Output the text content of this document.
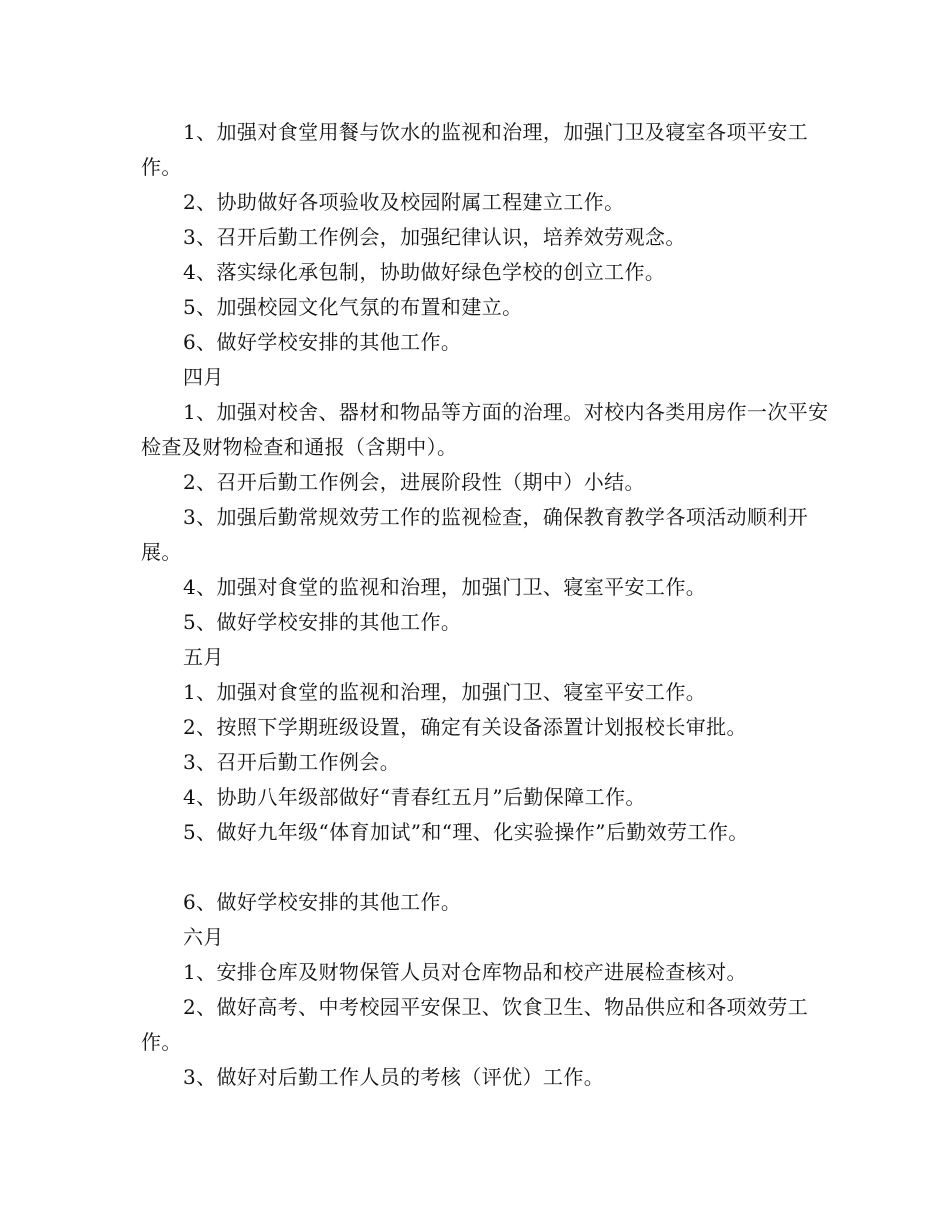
1、加强对食堂用餐与饮水的监视和治理，加强门卫及寝室各项平安工作。

2、协助做好各项验收及校园附属工程建立工作。

3、召开后勤工作例会，加强纪律认识，培养效劳观念。

4、落实绿化承包制，协助做好绿色学校的创立工作。

5、加强校园文化气氛的布置和建立。

6、做好学校安排的其他工作。

四月

1、加强对校舍、器材和物品等方面的治理。对校内各类用房作一次平安检查及财物检查和通报（含期中）。

2、召开后勤工作例会，进展阶段性（期中）小结。

3、加强后勤常规效劳工作的监视检查，确保教育教学各项活动顺利开展。

4、加强对食堂的监视和治理，加强门卫、寝室平安工作。

5、做好学校安排的其他工作。

五月

1、加强对食堂的监视和治理，加强门卫、寝室平安工作。

2、按照下学期班级设置，确定有关设备添置计划报校长审批。

3、召开后勤工作例会。

4、协助八年级部做好“青春红五月”后勤保障工作。

5、做好九年级“体育加试”和“理、化实验操作”后勤效劳工作。

6、做好学校安排的其他工作。

六月

1、安排仓库及财物保管人员对仓库物品和校产进展检查核对。

2、做好高考、中考校园平安保卫、饮食卫生、物品供应和各项效劳工作。

3、做好对后勤工作人员的考核（评优）工作。
